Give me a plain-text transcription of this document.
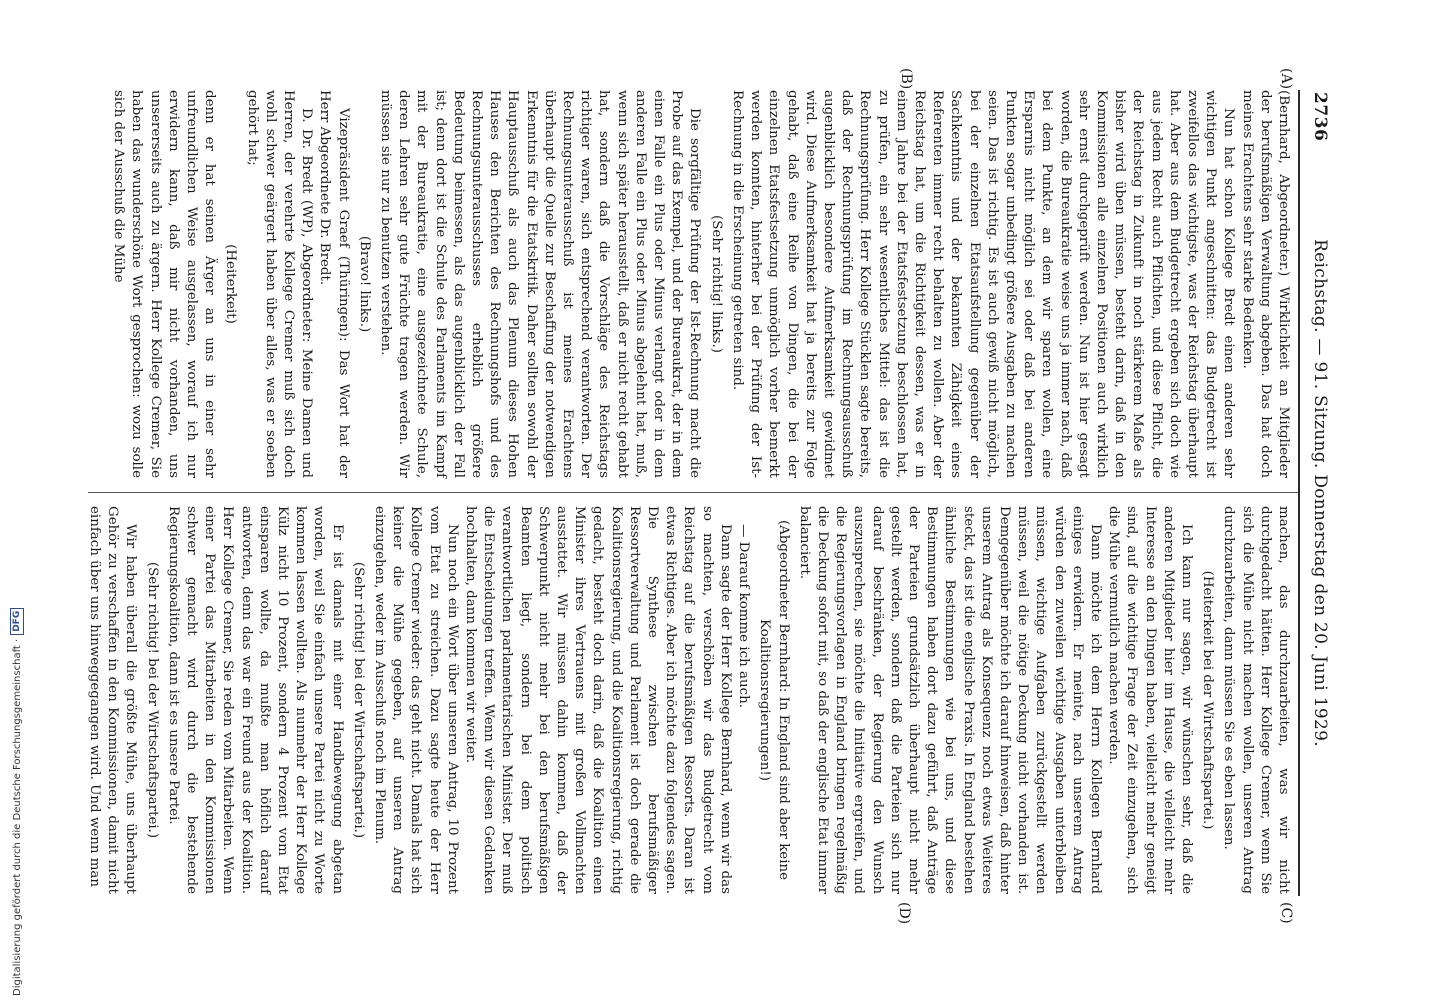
2736
Reichstag. — 91. Sitzung. Donnerstag den 20. Juni 1929.
(A)
(B)
(C)
(D)

(Bernhard, Abgeordneter.) Wirklichkeit an Mitglieder der berufsmäßigen Verwaltung abgeben. Das hat doch meines Erachtens sehr starke Bedenken.

Nun hat schon Kollege Bredt einen anderen sehr wichtigen Punkt angeschnitten: das Budgetrecht ist zweifellos das wichtigste, was der Reichstag überhaupt hat. Aber aus dem Budgetrecht ergeben sich doch wie aus jedem Recht auch Pflichten, und diese Pflicht, die der Reichstag in Zukunft in noch stärkerem Maße als bisher wird üben müssen, besteht darin, daß in den Kommissionen alle einzelnen Positionen auch wirklich sehr ernst durchgeprüft werden. Nun ist hier gesagt worden, die Bureaukratie weise uns ja immer nach, daß bei dem Punkte, an dem wir sparen wollen, eine Ersparnis nicht möglich sei oder daß bei anderen Punkten sogar unbedingt größere Ausgaben zu machen seien. Das ist richtig. Es ist auch gewiß nicht möglich, bei der einzelnen Etatsaufstellung gegenüber der Sachkenntnis und der bekannten Zähigkeit eines Referenten immer recht behalten zu wollen. Aber der Reichstag hat, um die Richtigkeit dessen, was er in einem Jahre bei der Etatsfestsetzung beschlossen hat, zu prüfen, ein sehr wesentliches Mittel: das ist die Rechnungsprüfung. Herr Kollege Stücklen sagte bereits, daß der Rechnungsprüfung im Rechnungsausschuß augenblicklich besondere Aufmerksamkeit gewidmet wird. Diese Aufmerksamkeit hat ja bereits zur Folge gehabt, daß eine Reihe von Dingen, die bei der einzelnen Etatsfestsetzung unmöglich vorher bemerkt werden konnten, hinterher bei der Prüfung der Ist-Rechnung in die Erscheinung getreten sind.

(Sehr richtig! links.)

Die sorgfältige Prüfung der Ist-Rechnung macht die Probe auf das Exempel, und der Bureaukrat, der in dem einen Falle ein Plus oder Minus verlangt oder in dem anderen Falle ein Plus oder Minus abgelehnt hat, muß, wenn sich später herausstellt, daß er nicht recht gehabt hat, sondern daß die Vorschläge des Reichstags richtiger waren, sich entsprechend verantworten. Der Rechnungsunterausschuß ist meines Erachtens überhaupt die Quelle zur Beschaffung der notwendigen Erkenntnis für die Etatskritik. Daher sollten sowohl der Hauptausschuß als auch das Plenum dieses Hohen Hauses den Berichten des Rechnungshofs und des Rechnungsunterausschusses erheblich größere Bedeutung beimessen, als das augenblicklich der Fall ist; denn dort ist die Schule des Parlaments im Kampf mit der Bureaukratie, eine ausgezeichnete Schule, deren Lehren sehr gute Früchte tragen werden. Wir müssen sie nur zu benutzen verstehen.

(Bravo! links.)

Vizepräsident Graef (Thüringen): Das Wort hat der Herr Abgeordnete Dr. Bredt.

D. Dr. Bredt (WP), Abgeordneter: Meine Damen und Herren, der verehrte Kollege Cremer muß sich doch wohl schwer geärgert haben über alles, was er soeben gehört hat;

(Heiterkeit)

denn er hat seinen Ärger an uns in einer sehr unfreundlichen Weise ausgelassen, worauf ich nur erwidern kann, daß mir nicht vorhanden, uns unsererseits auch zu ärgern. Herr Kollege Cremer, Sie haben das wunderschöne Wort gesprochen: wozu solle sich der Ausschuß die Mühe

machen, das durchzuarbeiten, was wir nicht durchgedacht hätten. Herr Kollege Cremer, wenn Sie sich die Mühe nicht machen wollen, unseren Antrag durchzuarbeiten, dann müssen Sie es eben lassen.

(Heiterkeit bei der Wirtschaftspartei.)

Ich kann nur sagen, wir wünschen sehr, daß die anderen Mitglieder hier im Hause, die vielleicht mehr Interesse an den Dingen haben, vielleicht mehr geneigt sind, auf die wichtige Frage der Zeit einzugehen, sich die Mühe vermutlich machen werden.

Dann möchte ich dem Herrn Kollegen Bernhard einiges erwidern. Er meinte, nach unserem Antrag würden den zuweilen wichtige Ausgaben unterbleiben müssen, wichtige Aufgaben zurückgestellt werden müssen, weil die nötige Deckung nicht vorhanden ist. Demgegenüber möchte ich darauf hinweisen, daß hinter unserem Antrag als Konsequenz noch etwas Weiteres steckt, das ist die englische Praxis. In England bestehen ähnliche Bestimmungen wie bei uns, und diese Bestimmungen haben dort dazu geführt, daß Anträge der Parteien grundsätzlich überhaupt nicht mehr gestellt werden, sondern daß die Parteien sich nur darauf beschränken, der Regierung den Wunsch auszusprechen, sie möchte die Initiative ergreifen, und die Regierungsvorlagen in England bringen regelmäßig die Deckung sofort mit, so daß der englische Etat immer balanciert.

(Abgeordneter Bernhard: In England sind aber keine Koalitionsregierungen!)

— Darauf komme ich auch.

Dann sagte der Herr Kollege Bernhard, wenn wir das so machten, verschöben wir das Budgetrecht vom Reichstag auf die berufsmäßigen Ressorts. Daran ist etwas Richtiges. Aber ich möchte dazu folgendes sagen. Die Synthese zwischen berufsmäßiger Ressortverwaltung und Parlament ist doch gerade die Koalitionsregierung, und die Koalitionsregierung, richtig gedacht, besteht doch darin, daß die Koalition einen Minister ihres Vertrauens mit großen Vollmachten ausstattet. Wir müssen dahin kommen, daß der Schwerpunkt nicht mehr bei den berufsmäßigen Beamten liegt, sondern bei dem politisch verantwortlichen parlamentarischen Minister. Der muß die Entscheidungen treffen. Wenn wir diesen Gedanken hochhalten, dann kommen wir weiter.

Nun noch ein Wort über unseren Antrag, 10 Prozent vom Etat zu streichen. Dazu sagte heute der Herr Kollege Cremer wieder: das geht nicht. Damals hat sich keiner die Mühe gegeben, auf unseren Antrag einzugehen, weder im Ausschuß noch im Plenum.

(Sehr richtig! bei der Wirtschaftspartei.)

Er ist damals mit einer Handbewegung abgetan worden, weil Sie einfach unsere Partei nicht zu Worte kommen lassen wollten. Als nunmehr der Herr Kollege Külz nicht 10 Prozent, sondern 4 Prozent vom Etat einsparen wollte, da mußte man höflich darauf antworten, denn das war ein Freund aus der Koalition. Herr Kollege Cremer, Sie reden vom Mitarbeiten. Wenn einer Partei das Mitarbeiten in den Kommissionen schwer gemacht wird durch die bestehende Regierungskoalition, dann ist es unsere Partei.

(Sehr richtig! bei der Wirtschaftspartei.)

Wir haben überall die größte Mühe, uns überhaupt Gehör zu verschaffen in den Kommissionen, damit nicht einfach über uns hinweggegangen wird. Und wenn man

Digitalisierung gefördert durch die Deutsche Forschungsgemeinschaft ·
DFG
